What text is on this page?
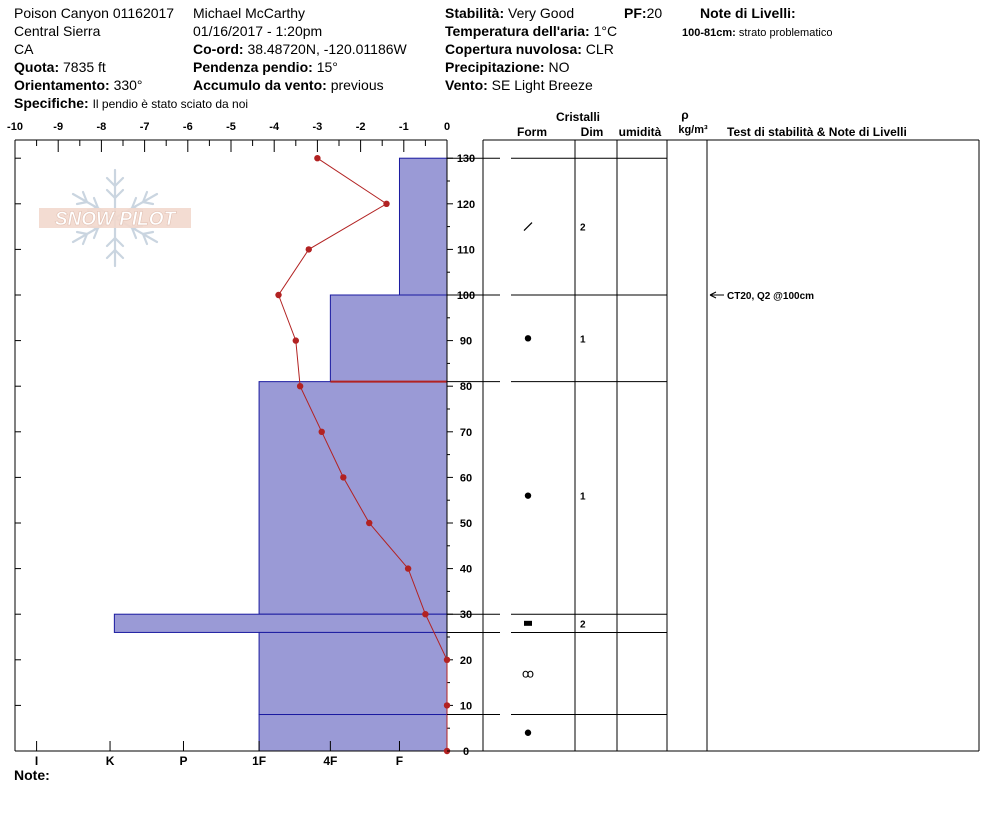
Poison Canyon 01162017
Central Sierra
CA
Quota: 7835 ft
Orientamento: 330°
Specifiche: Il pendio è stato sciato da noi
Michael McCarthy
01/16/2017 - 1:20pm
Co-ord: 38.48720N, -120.01186W
Pendenza pendio: 15°
Accumulo da vento: previous
Stabilità: Very Good	PF:20
Temperatura dell'aria: 1°C
Copertura nuvolosa: CLR
Precipitazione: NO
Vento: SE Light Breeze
Note di Livelli:
100-81cm: strato problematico
Note:
SNOW PILOT
Cristalli
Form	Dim umidità
ρ
kg/m³ Test di stabilità & Note di Livelli
-10	-9	-8	-7	-6	-5	-4	-3	-2	-1	0
0
10
20
30
40
50
60
70
80
90
100
110
120
130
I	K	P	1F	4F	F
2
1
1
2
ꝏ
CT20, Q2 @100cm
